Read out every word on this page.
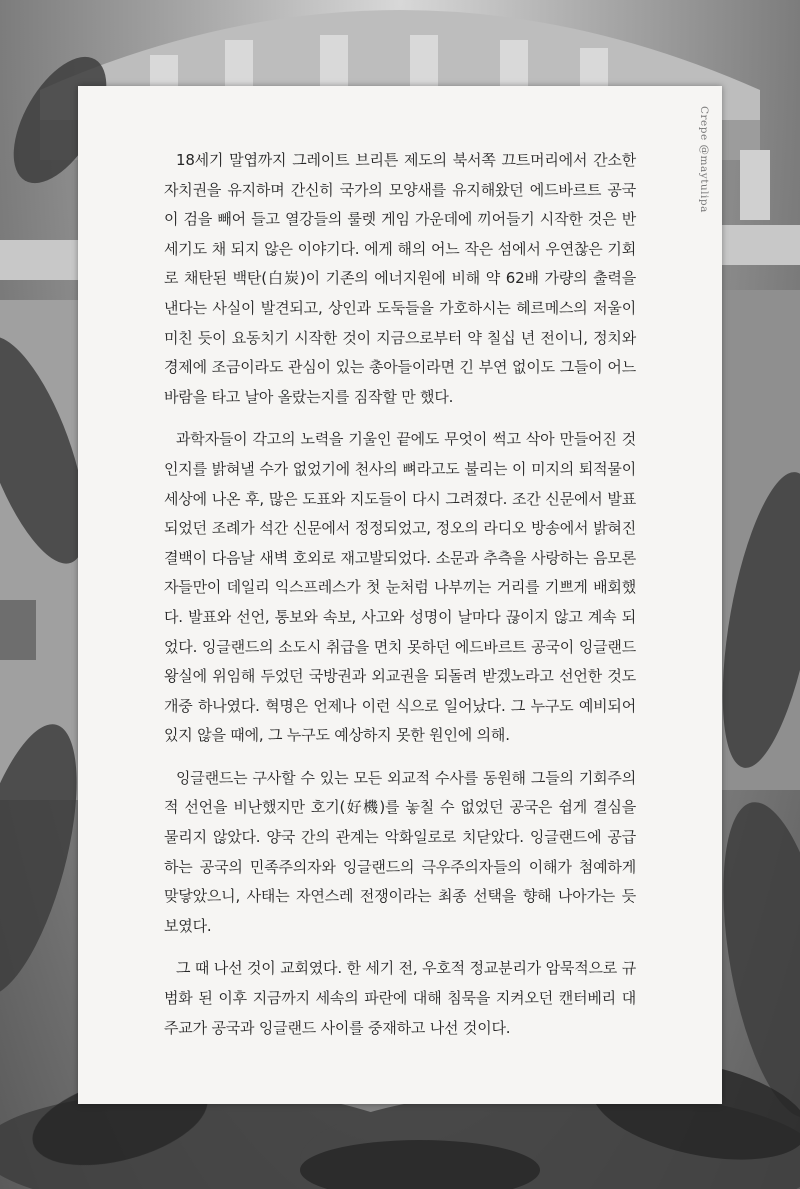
Crepe @maytulipa

18세기 말엽까지 그레이트 브리튼 제도의 북서쪽 끄트머리에서 간소한 자치권을 유지하며 간신히 국가의 모양새를 유지해왔던 에드바르트 공국이 검을 빼어 들고 열강들의 룰렛 게임 가운데에 끼어들기 시작한 것은 반 세기도 채 되지 않은 이야기다. 에게 해의 어느 작은 섬에서 우연찮은 기회로 채탄된 백탄(白炭)이 기존의 에너지원에 비해 약 62배 가량의 출력을 낸다는 사실이 발견되고, 상인과 도둑들을 가호하시는 헤르메스의 저울이 미친 듯이 요동치기 시작한 것이 지금으로부터 약 칠십 년 전이니, 정치와 경제에 조금이라도 관심이 있는 총아들이라면 긴 부연 없이도 그들이 어느 바람을 타고 날아 올랐는지를 짐작할 만 했다.

과학자들이 각고의 노력을 기울인 끝에도 무엇이 썩고 삭아 만들어진 것인지를 밝혀낼 수가 없었기에 천사의 뼈라고도 불리는 이 미지의 퇴적물이 세상에 나온 후, 많은 도표와 지도들이 다시 그려졌다. 조간 신문에서 발표되었던 조례가 석간 신문에서 정정되었고, 정오의 라디오 방송에서 밝혀진 결백이 다음날 새벽 호외로 재고발되었다. 소문과 추측을 사랑하는 음모론자들만이 데일리 익스프레스가 첫 눈처럼 나부끼는 거리를 기쁘게 배회했다. 발표와 선언, 통보와 속보, 사고와 성명이 날마다 끊이지 않고 계속 되었다. 잉글랜드의 소도시 취급을 면치 못하던 에드바르트 공국이 잉글랜드 왕실에 위임해 두었던 국방권과 외교권을 되돌려 받겠노라고 선언한 것도 개중 하나였다. 혁명은 언제나 이런 식으로 일어났다. 그 누구도 예비되어 있지 않을 때에, 그 누구도 예상하지 못한 원인에 의해.

잉글랜드는 구사할 수 있는 모든 외교적 수사를 동원해 그들의 기회주의적 선언을 비난했지만 호기(好機)를 놓칠 수 없었던 공국은 쉽게 결심을 물리지 않았다. 양국 간의 관계는 악화일로로 치닫았다. 잉글랜드에 공급하는 공국의 민족주의자와 잉글랜드의 극우주의자들의 이해가 첨예하게 맞닿았으니, 사태는 자연스레 전쟁이라는 최종 선택을 향해 나아가는 듯 보였다.

그 때 나선 것이 교회였다. 한 세기 전, 우호적 정교분리가 암묵적으로 규범화 된 이후 지금까지 세속의 파란에 대해 침묵을 지켜오던 캔터베리 대주교가 공국과 잉글랜드 사이를 중재하고 나선 것이다.
